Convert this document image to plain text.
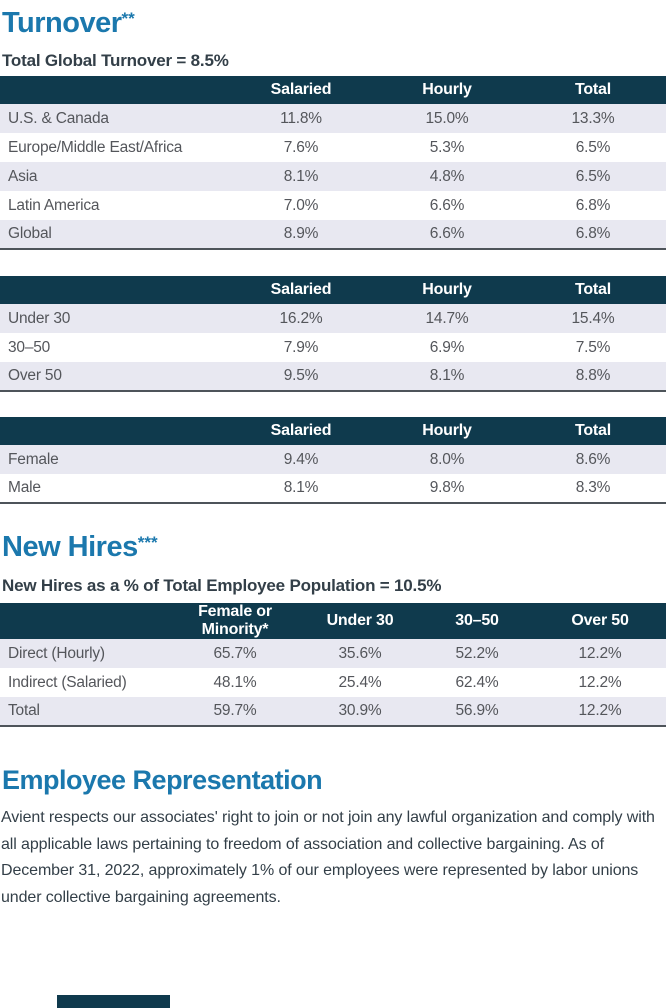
Turnover**
Total Global Turnover = 8.5%
	Salaried	Hourly	Total
U.S. & Canada	11.8%	15.0%	13.3%
Europe/Middle East/Africa	7.6%	5.3%	6.5%
Asia	8.1%	4.8%	6.5%
Latin America	7.0%	6.6%	6.8%
Global	8.9%	6.6%	6.8%
	Salaried	Hourly	Total
Under 30	16.2%	14.7%	15.4%
30–50	7.9%	6.9%	7.5%
Over 50	9.5%	8.1%	8.8%
	Salaried	Hourly	Total
Female	9.4%	8.0%	8.6%
Male	8.1%	9.8%	8.3%
New Hires***
New Hires as a % of Total Employee Population = 10.5%
	Female or Minority*	Under 30	30–50	Over 50
Direct (Hourly)	65.7%	35.6%	52.2%	12.2%
Indirect (Salaried)	48.1%	25.4%	62.4%	12.2%
Total	59.7%	30.9%	56.9%	12.2%
Employee Representation

Avient respects our associates' right to join or not join any lawful organization and comply with all applicable laws pertaining to freedom of association and collective bargaining. As of December 31, 2022, approximately 1% of our employees were represented by labor unions under collective bargaining agreements.
